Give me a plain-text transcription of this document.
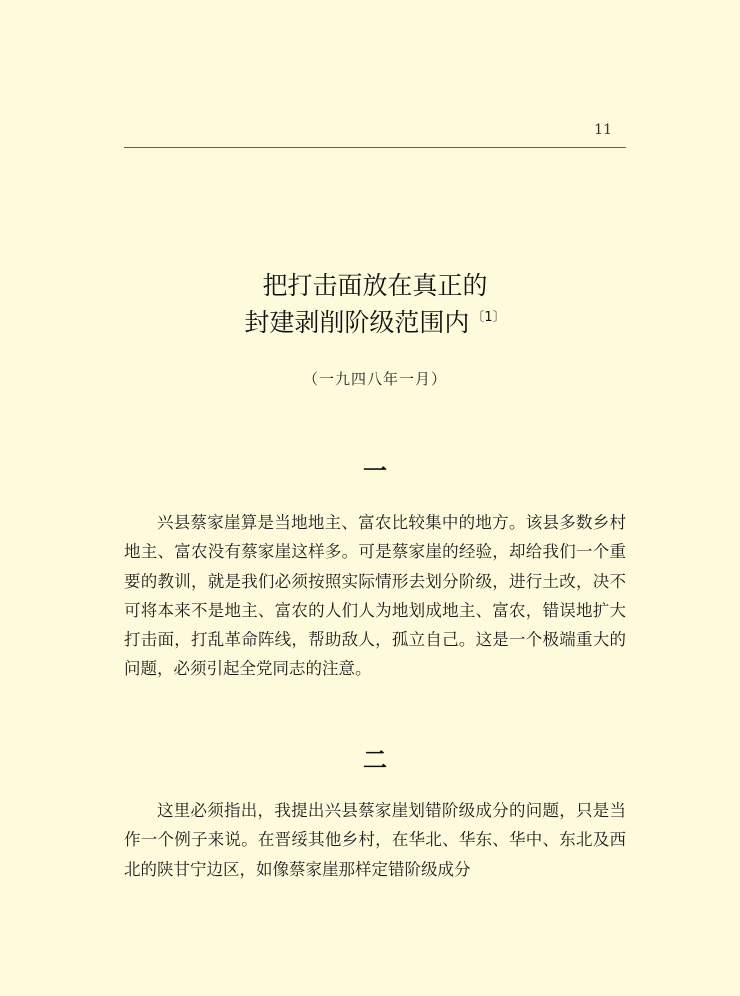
11
把打击面放在真正的
封建剥削阶级范围内 $^{〔1〕}$
（一九四八年一月）
一

兴县蔡家崖算是当地地主、富农比较集中的地方。该县多数乡村地主、富农没有蔡家崖这样多。可是蔡家崖的经验，却给我们一个重要的教训，就是我们必须按照实际情形去划分阶级，进行土改，决不可将本来不是地主、富农的人们人为地划成地主、富农，错误地扩大打击面，打乱革命阵线，帮助敌人，孤立自己。这是一个极端重大的问题，必须引起全党同志的注意。

二

这里必须指出，我提出兴县蔡家崖划错阶级成分的问题，只是当作一个例子来说。在晋绥其他乡村，在华北、华东、华中、东北及西北的陕甘宁边区，如像蔡家崖那样定错阶级成分
